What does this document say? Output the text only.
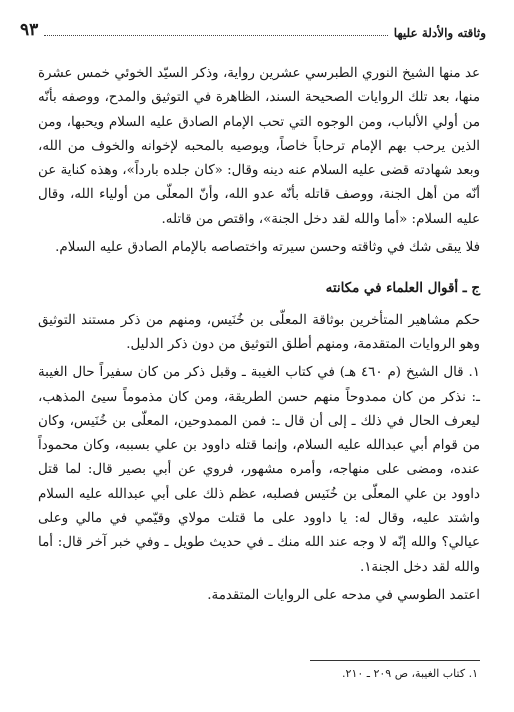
وثاقته والأدلة عليها
٩٣

عد منها الشيخ النوري الطبرسي عشرين رواية، وذكر السيّد الخوئي خمس عشرة منها، بعد تلك الروايات الصحيحة السند، الظاهرة في التوثيق والمدح، ووصفه بأنّه من أولي الألباب، ومن الوجوه التي تحب الإمام الصادق عليه السلام ويحبها، ومن الذين يرحب بهم الإمام ترحاباً خاصاً، ويوصيه بالمحبه لإخوانه والخوف من الله، وبعد شهادته قضى عليه السلام عنه دينه وقال: «كان جلده بارداً»، وهذه كناية عن أنّه من أهل الجنة، ووصف قاتله بأنّه عدو الله، وأنّ المعلّى من أولياء الله، وقال عليه السلام: «أما والله لقد دخل الجنة»، واقتص من قاتله.

فلا يبقى شك في وثاقته وحسن سيرته واختصاصه بالإمام الصادق عليه السلام.

ج ـ أقوال العلماء في مكانته

حكم مشاهير المتأخرين بوثاقة المعلّى بن خُنَيس، ومنهم من ذكر مستند التوثيق وهو الروايات المتقدمة، ومنهم أطلق التوثيق من دون ذكر الدليل.

١. قال الشيخ (م ٤٦٠ هـ) في كتاب الغيبة ـ وقبل ذكر من كان سفيراً حال الغيبة ـ: نذكر من كان ممدوحاً منهم حسن الطريقة، ومن كان مذموماً سيئ المذهب، ليعرف الحال في ذلك ـ إلى أن قال ـ: فمن الممدوحين، المعلّى بن خُنَيس، وكان من قوام أبي عبدالله عليه السلام، وإنما قتله داوود بن علي بسببه، وكان محموداً عنده، ومضى على منهاجه، وأمره مشهور، فروي عن أبي بصير قال: لما قتل داوود بن علي المعلّى بن خُنَيس فصلبه، عظم ذلك على أبي عبدالله عليه السلام واشتد عليه، وقال له: يا داوود على ما قتلت مولاي وقيّمي في مالي وعلى عيالي؟ والله إنّه لا وجه عند الله منك ـ في حديث طويل ـ وفي خبر آخر قال: أما والله لقد دخل الجنة١.

اعتمد الطوسي في مدحه على الروايات المتقدمة.

١. كتاب الغيبة، ص ٢٠٩ ـ ٢١٠.
